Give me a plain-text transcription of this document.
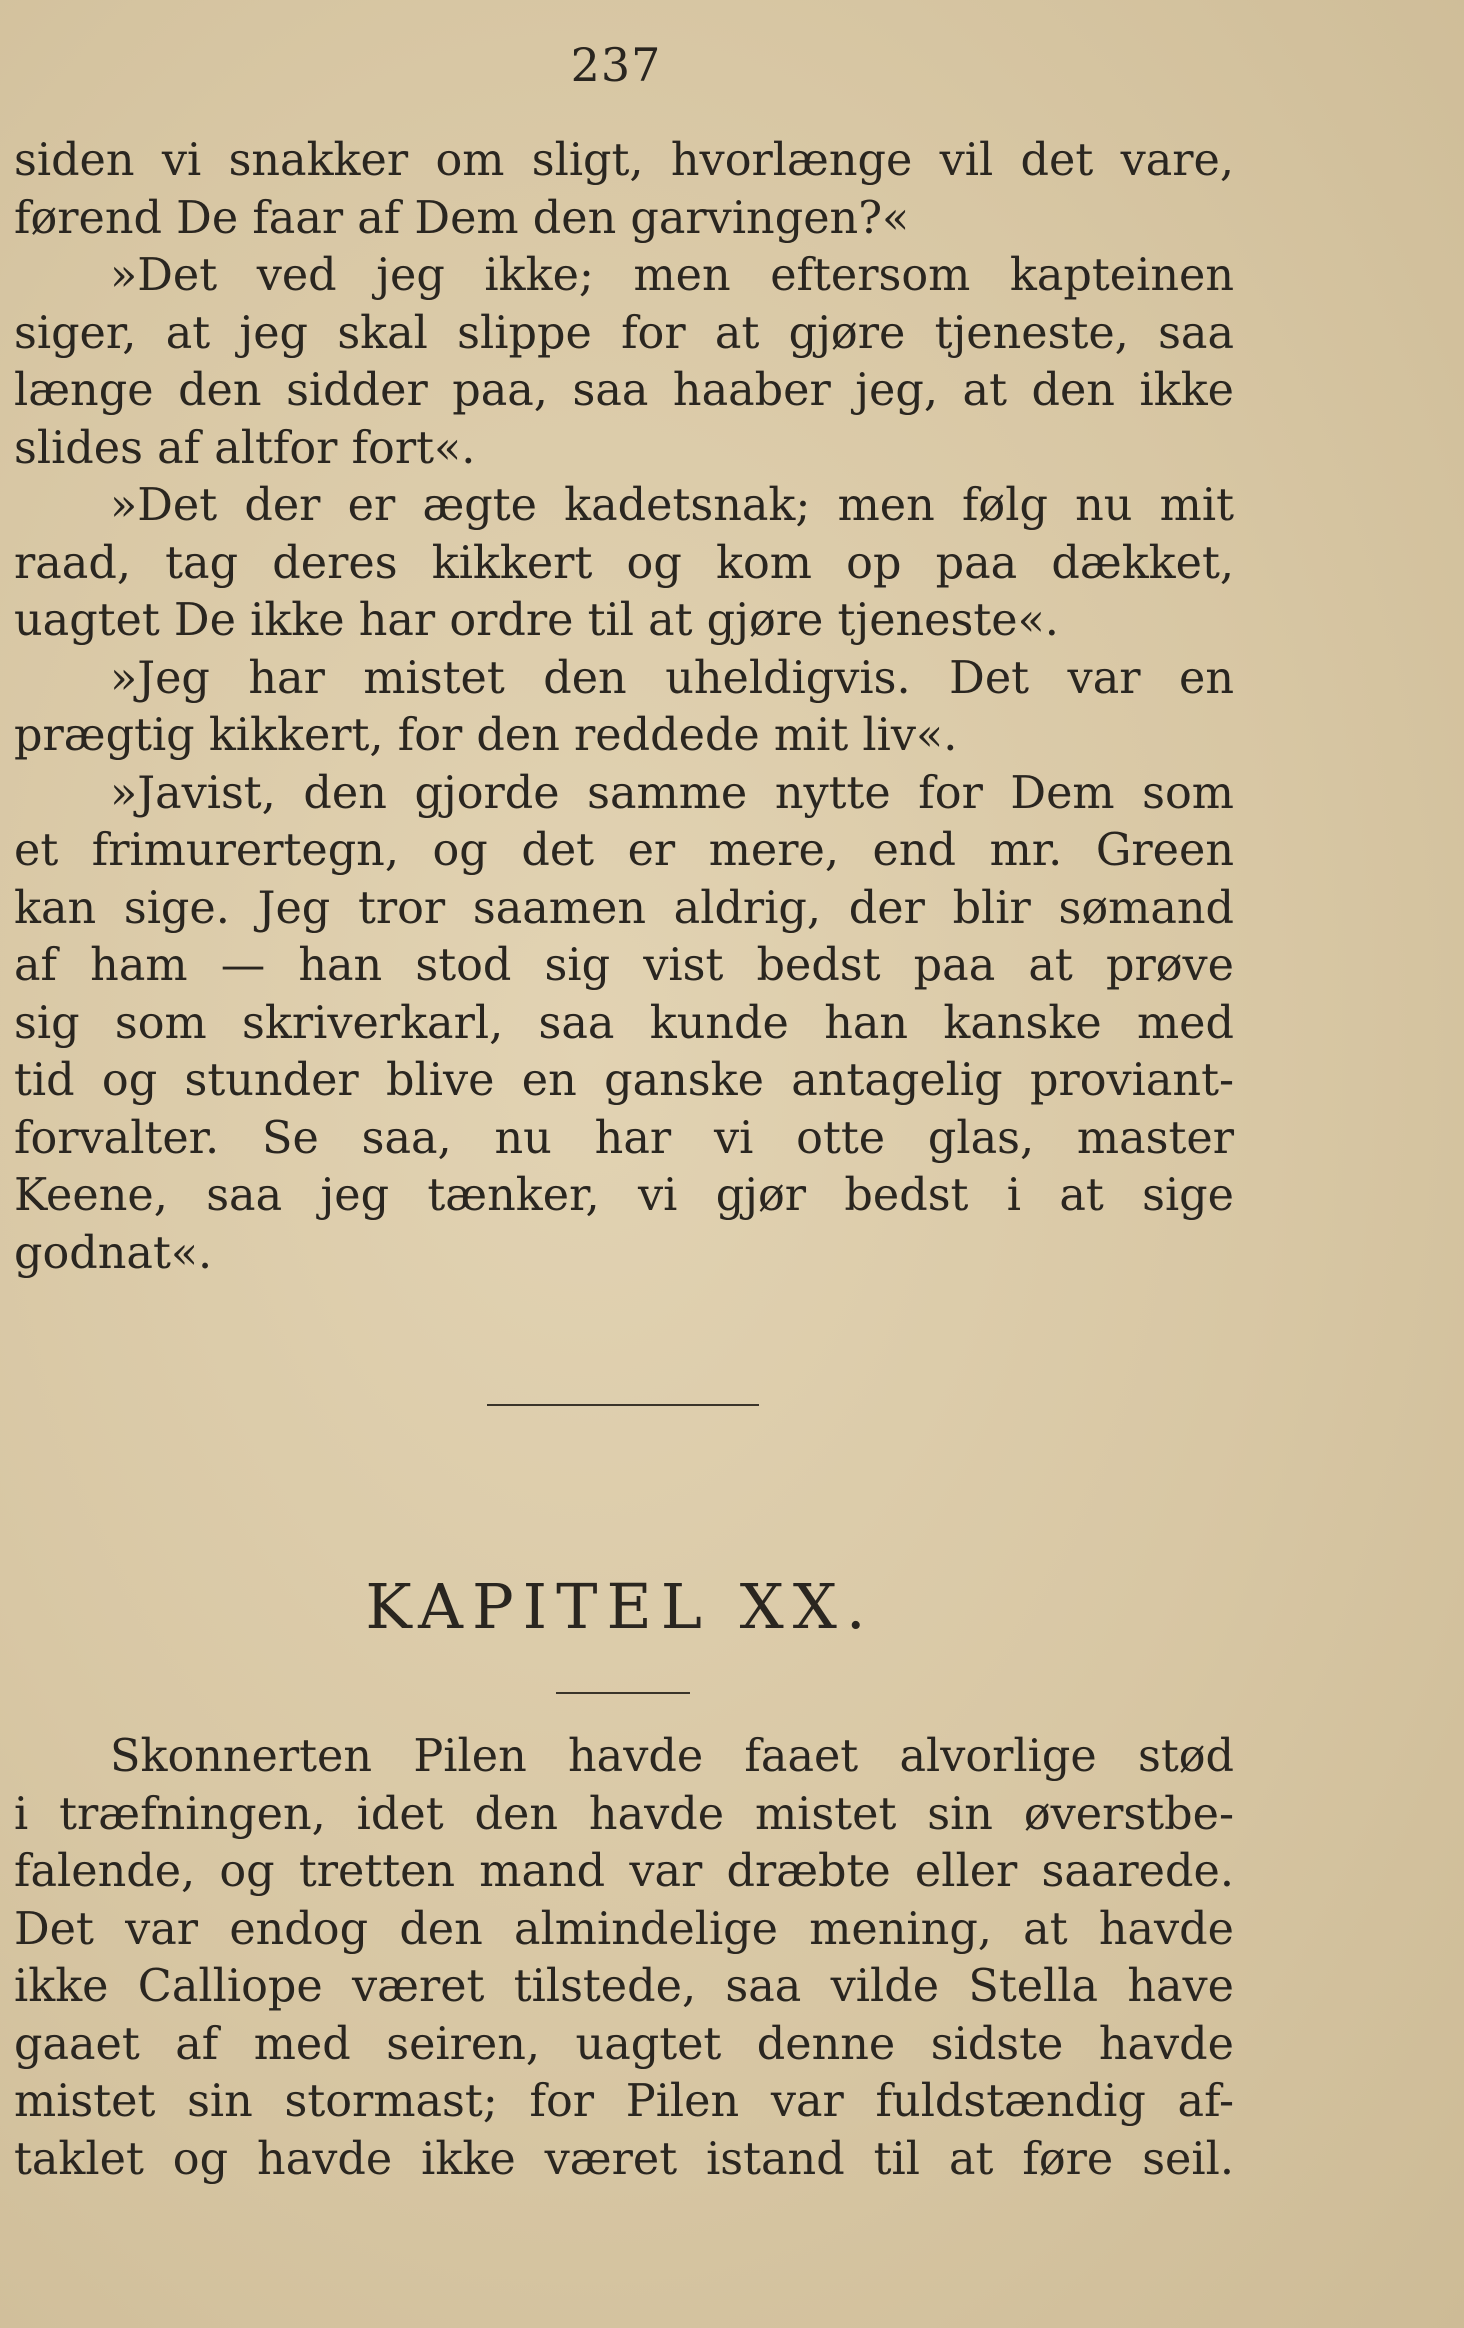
237
siden vi snakker om sligt, hvorlænge vil det vare,
førend De faar af Dem den garvingen?«
»Det ved jeg ikke; men eftersom kapteinen
siger, at jeg skal slippe for at gjøre tjeneste, saa
længe den sidder paa, saa haaber jeg, at den ikke
slides af altfor fort«.
»Det der er ægte kadetsnak; men følg nu mit
raad, tag deres kikkert og kom op paa dækket,
uagtet De ikke har ordre til at gjøre tjeneste«.
»Jeg har mistet den uheldigvis. Det var en
prægtig kikkert, for den reddede mit liv«.
»Javist, den gjorde samme nytte for Dem som
et frimurertegn, og det er mere, end mr. Green
kan sige. Jeg tror saamen aldrig, der blir sømand
af ham — han stod sig vist bedst paa at prøve
sig som skriverkarl, saa kunde han kanske med
tid og stunder blive en ganske antagelig proviant-
forvalter. Se saa, nu har vi otte glas, master
Keene, saa jeg tænker, vi gjør bedst i at sige
godnat«.
KAPITEL XX.
Skonnerten Pilen havde faaet alvorlige stød
i træfningen, idet den havde mistet sin øverstbe-
falende, og tretten mand var dræbte eller saarede.
Det var endog den almindelige mening, at havde
ikke Calliope været tilstede, saa vilde Stella have
gaaet af med seiren, uagtet denne sidste havde
mistet sin stormast; for Pilen var fuldstændig af-
taklet og havde ikke været istand til at føre seil.
